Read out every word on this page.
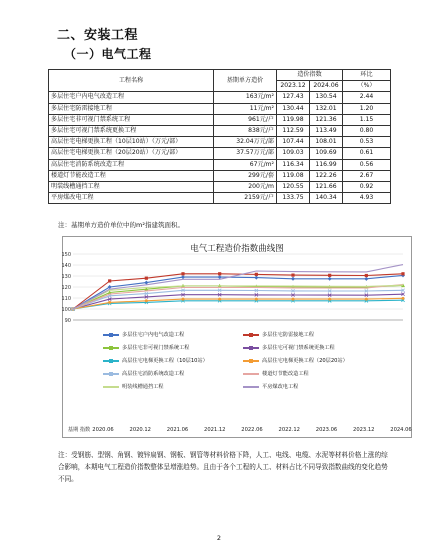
二、安装工程
（一）电气工程
工程名称	基期单方造价	造价指数		环比
		2023.12	2024.06	（%）
多层住宅户内电气改造工程	163元/m²	127.43	130.54	2.44
多层住宅防雷接地工程	11元/m²	130.44	132.01	1.20
多层住宅非可视门禁系统工程	961元/户	119.98	121.36	1.15
多层住宅可视门禁系统更换工程	838元/户	112.59	113.49	0.80
高层住宅电梯更换工程（10层10站）（万元/部）	32.04万元/部	107.44	108.01	0.53
高层住宅电梯更换工程（20层20站）（万元/部）	37.57万元/部	109.03	109.69	0.61
高层住宅消防系统改造工程	67元/m²	116.34	116.99	0.56
楼道灯节能改造工程	299元/套	119.08	122.26	2.67
明装线槽通挡工程	200元/m	120.55	121.66	0.92
平房煤改电工程	2159元/户	133.75	140.34	4.93
注：基期单方造价单位中的m²指建筑面积。
电气工程造价指数曲线图
90
100
110
120
130
140
150
基期 指数 2020.06	2020.12	2021.06	2021.12	2022.06	2022.12	2023.06	2023.12	2024.06
多层住宅户内电气改造工程	多层住宅防雷接地工程
多层住宅非可视门禁系统工程	多层住宅可视门禁系统更换工程
高层住宅电梯更换工程（10层10站）	高层住宅电梯更换工程（20层20站）
高层住宅消防系统改造工程	楼道灯节能改造工程
明装线槽通挡工程	平房煤改电工程
注：受钢筋、型钢、角钢、镀锌扁钢、钢板、钢管等材料价格下降，人工、电线、电缆、水泥等材料价格上涨的综合影响，本期电气工程造价指数整体呈增涨趋势。且由于各个工程的人工、材料占比不同导致指数曲线的变化趋势不同。
2
